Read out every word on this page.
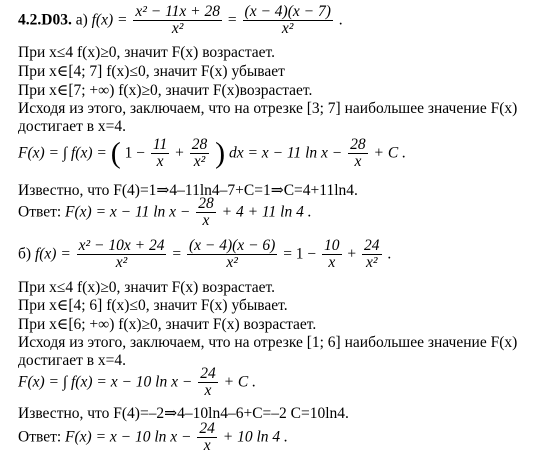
4.2.D03. а) $f(x) = \frac{\text{x² − 11x + 28}}{\text{x²}} = \frac{(x - 4)(x - 7)}{\text{x²}}$ .
При x≤4 f(x)≥0, значит F(x) возрастает.
При x∈[4; 7] f(x)≤0, значит F(x) убывает
При x∈[7; +∞) f(x)≥0, значит F(x)возрастает.
Исходя из этого, заключаем, что на отрезке [3; 7] наибольшее значение F(x)
достигает в x=4.
F(x) = ∫ f(x) = ( $1 - \frac{11}{x} + \frac{28}{\text{x²}}$ ) dx = x − 11 $\ln x - \frac{28}{x} + C$ .
Известно, что F(4)=1⇒4–11ln4–7+C=1⇒C=4+11ln4.
Ответ: F(x) = x − 11 $\ln x - \frac{28}{x} + 4 + 11$ ln 4 .
б) $f(x) = \frac{\text{x² − 10x + 24}}{\text{x²}} = \frac{(x - 4)(x - 6)}{\text{x²}} = 1 - \frac{10}{x} + \frac{24}{\text{x²}}$ .
При x≤4 f(x)≥0, значит F(x) возрастает.
При x∈[4; 6] f(x)≤0, значит F(x) убывает.
При x∈[6; +∞) f(x)≥0, значит F(x) возрастает.
Исходя из этого, заключаем, что на отрезке [1; 6] наибольшее значение F(x)
достигает в x=4.
F(x) = ∫ f(x) = x − 10 $\ln x - \frac{24}{x} + C$ .
Известно, что F(4)=–2⇒4–10ln4–6+C=–2 C=10ln4.
Ответ: F(x) = x − 10 $\ln x - \frac{24}{x} + 10$ ln 4 .
